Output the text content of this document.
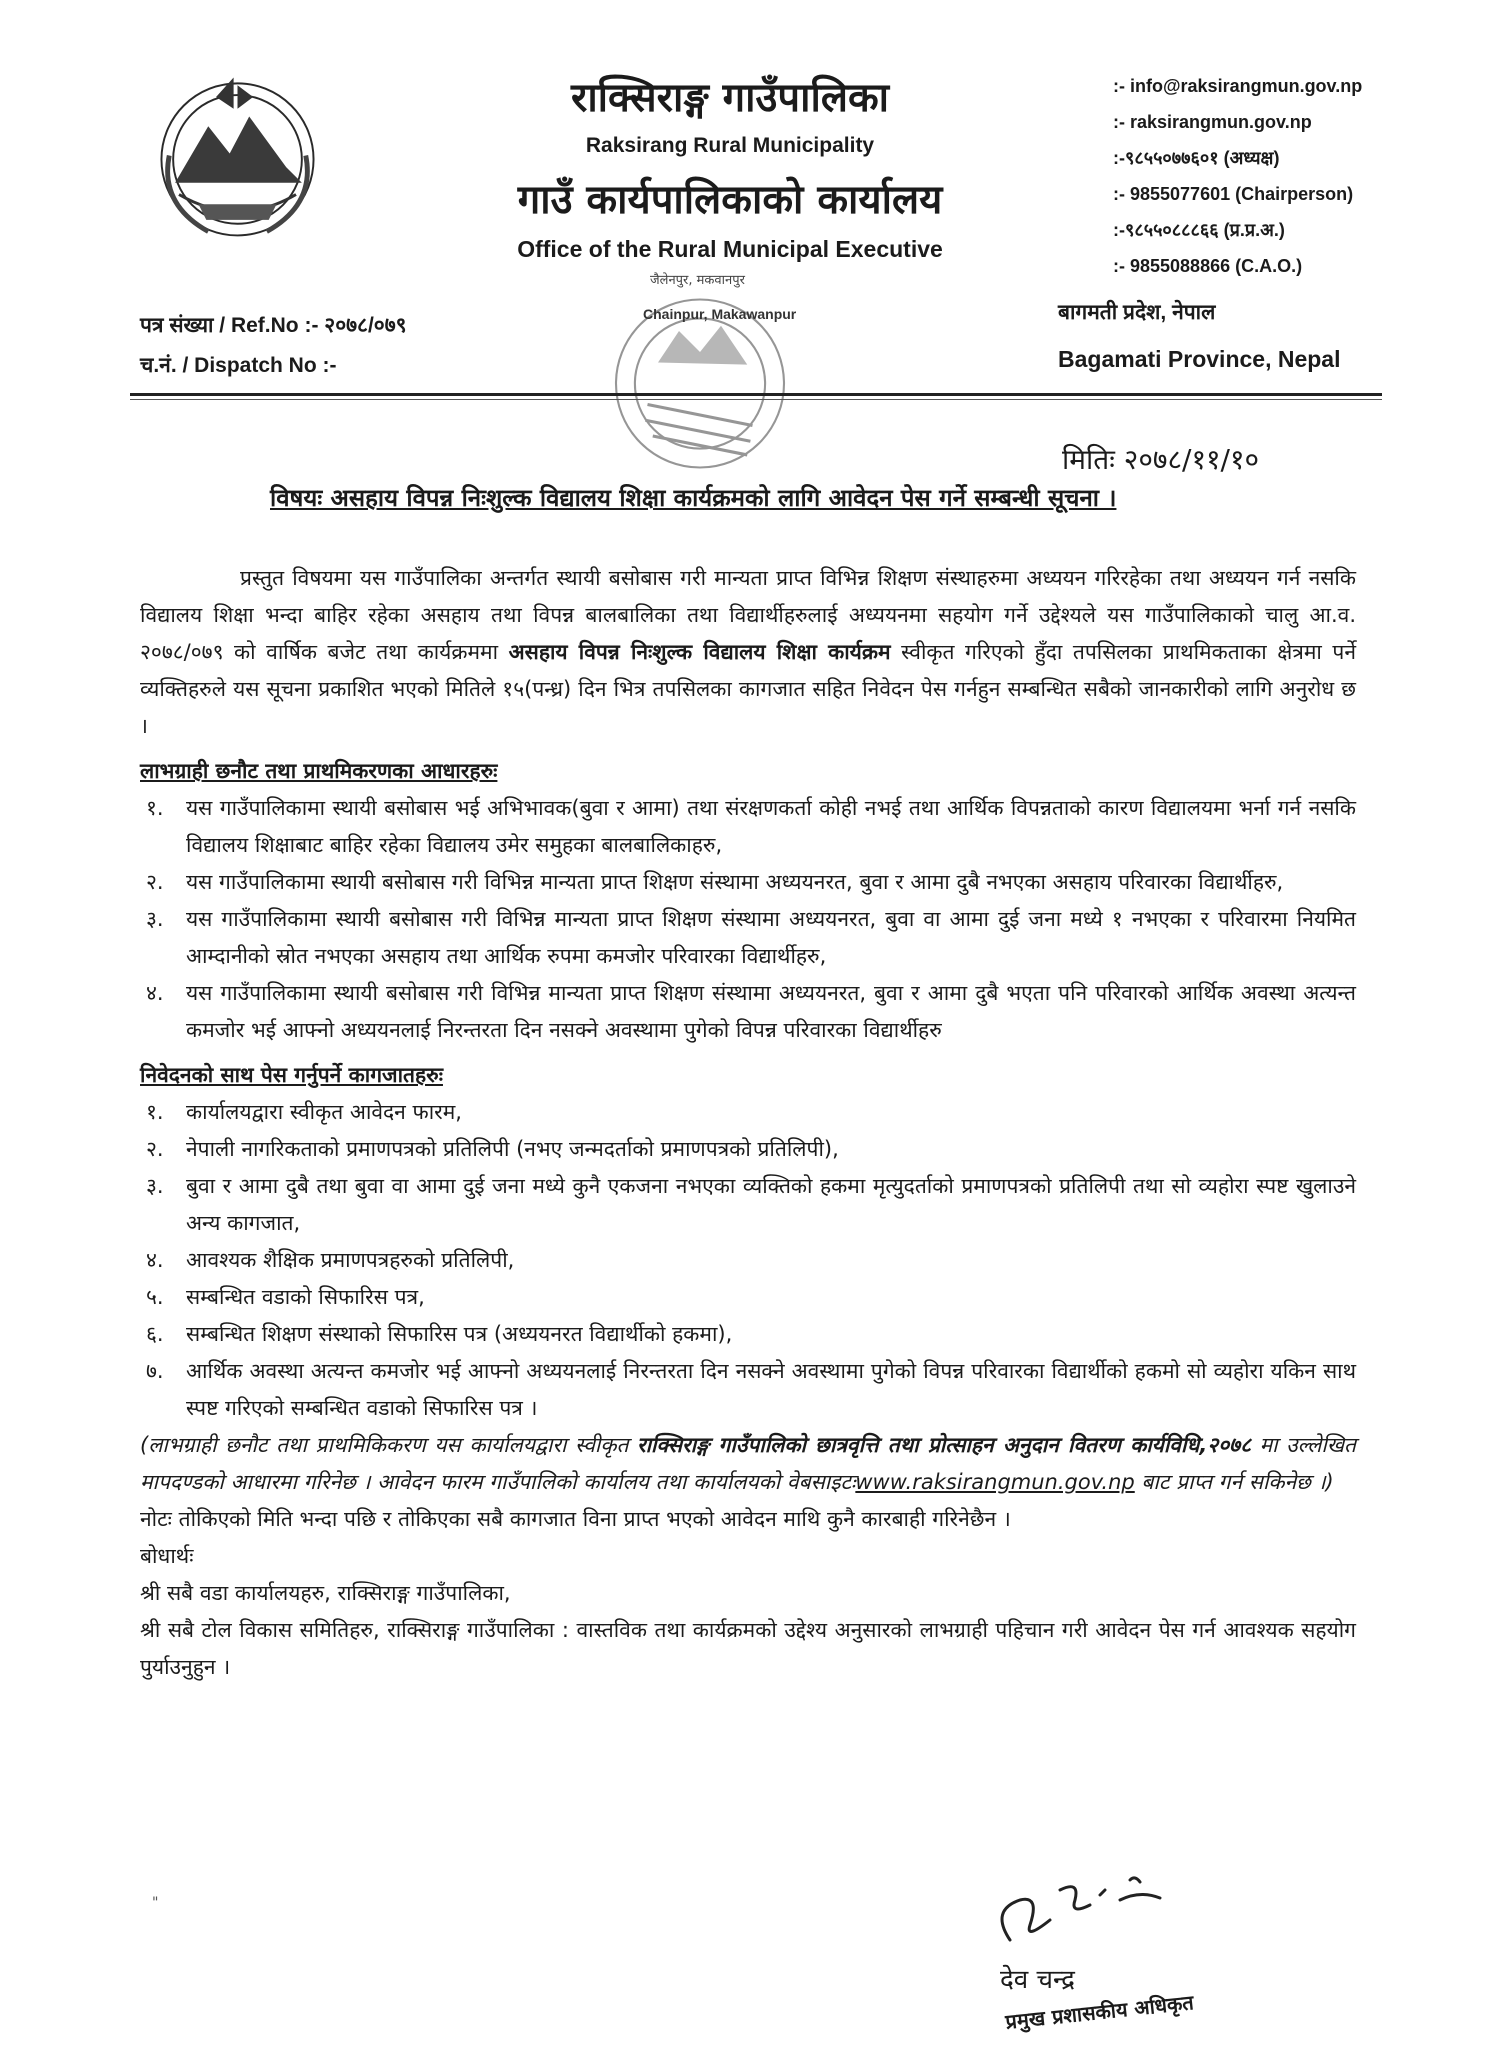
राक्सिराङ्ग गाउँपालिका
Raksirang Rural Municipality
गाउँ कार्यपालिकाको कार्यालय
Office of the Rural Municipal Executive
:- info@raksirangmun.gov.np
:- raksirangmun.gov.np
:-९८५५०७७६०१ (अध्यक्ष)
:- 9855077601 (Chairperson)
:-९८५५०८८८६६ (प्र.प्र.अ.)
:- 9855088866 (C.A.O.)
पत्र संख्या / Ref.No :- २०७८/०७९
च.नं. / Dispatch No :-
बागमती प्रदेश, नेपाल
Bagamati Province, Nepal
जैलेनपुर, मकवानपुर
Chainpur, Makawanpur
मितिः २०७८/११/१०
विषयः असहाय विपन्न निःशुल्क विद्यालय शिक्षा कार्यक्रमको लागि आवेदन पेस गर्ने सम्बन्धी सूचना ।

प्रस्तुत विषयमा यस गाउँपालिका अन्तर्गत स्थायी बसोबास गरी मान्यता प्राप्त विभिन्न शिक्षण संस्थाहरुमा अध्ययन गरिरहेका तथा अध्ययन गर्न नसकि विद्यालय शिक्षा भन्दा बाहिर रहेका असहाय तथा विपन्न बालबालिका तथा विद्यार्थीहरुलाई अध्ययनमा सहयोग गर्ने उद्देश्यले यस गाउँपालिकाको चालु आ.व. २०७८/०७९ को वार्षिक बजेट तथा कार्यक्रममा असहाय विपन्न निःशुल्क विद्यालय शिक्षा कार्यक्रम स्वीकृत गरिएको हुँदा तपसिलका प्राथमिकताका क्षेत्रमा पर्ने व्यक्तिहरुले यस सूचना प्रकाशित भएको मितिले १५(पन्ध्र) दिन भित्र तपसिलका कागजात सहित निवेदन पेस गर्नहुन सम्बन्धित सबैको जानकारीको लागि अनुरोध छ ।

लाभग्राही छनौट तथा प्राथमिकरणका आधारहरुः

१. यस गाउँपालिकामा स्थायी बसोबास भई अभिभावक(बुवा र आमा) तथा संरक्षणकर्ता कोही नभई तथा आर्थिक विपन्नताको कारण विद्यालयमा भर्ना गर्न नसकि विद्यालय शिक्षाबाट बाहिर रहेका विद्यालय उमेर समुहका बालबालिकाहरु,
२. यस गाउँपालिकामा स्थायी बसोबास गरी विभिन्न मान्यता प्राप्त शिक्षण संस्थामा अध्ययनरत, बुवा र आमा दुबै नभएका असहाय परिवारका विद्यार्थीहरु,
३. यस गाउँपालिकामा स्थायी बसोबास गरी विभिन्न मान्यता प्राप्त शिक्षण संस्थामा अध्ययनरत, बुवा वा आमा दुई जना मध्ये १ नभएका र परिवारमा नियमित आम्दानीको स्रोत नभएका असहाय तथा आर्थिक रुपमा कमजोर परिवारका विद्यार्थीहरु,
४. यस गाउँपालिकामा स्थायी बसोबास गरी विभिन्न मान्यता प्राप्त शिक्षण संस्थामा अध्ययनरत, बुवा र आमा दुबै भएता पनि परिवारको आर्थिक अवस्था अत्यन्त कमजोर भई आफ्नो अध्ययनलाई निरन्तरता दिन नसक्ने अवस्थामा पुगेको विपन्न परिवारका विद्यार्थीहरु

निवेदनको साथ पेस गर्नुपर्ने कागजातहरुः

१. कार्यालयद्वारा स्वीकृत आवेदन फारम,
२. नेपाली नागरिकताको प्रमाणपत्रको प्रतिलिपी (नभए जन्मदर्ताको प्रमाणपत्रको प्रतिलिपी),
३. बुवा र आमा दुबै तथा बुवा वा आमा दुई जना मध्ये कुनै एकजना नभएका व्यक्तिको हकमा मृत्युदर्ताको प्रमाणपत्रको प्रतिलिपी तथा सो व्यहोरा स्पष्ट खुलाउने अन्य कागजात,
४. आवश्यक शैक्षिक प्रमाणपत्रहरुको प्रतिलिपी,
५. सम्बन्धित वडाको सिफारिस पत्र,
६. सम्बन्धित शिक्षण संस्थाको सिफारिस पत्र (अध्ययनरत विद्यार्थीको हकमा),
७. आर्थिक अवस्था अत्यन्त कमजोर भई आफ्नो अध्ययनलाई निरन्तरता दिन नसक्ने अवस्थामा पुगेको विपन्न परिवारका विद्यार्थीको हकमो सो व्यहोरा यकिन साथ स्पष्ट गरिएको सम्बन्धित वडाको सिफारिस पत्र ।

(लाभग्राही छनौट तथा प्राथमिकिकरण यस कार्यालयद्वारा स्वीकृत राक्सिराङ्ग गाउँपालिको छात्रवृत्ति तथा प्रोत्साहन अनुदान वितरण कार्यविधि,२०७८ मा उल्लेखित मापदण्डको आधारमा गरिनेछ । आवेदन फारम गाउँपालिको कार्यालय तथा कार्यालयको वेबसाइटःwww.raksirangmun.gov.np बाट प्राप्त गर्न सकिनेछ ।)

नोटः तोकिएको मिति भन्दा पछि र तोकिएका सबै कागजात विना प्राप्त भएको आवेदन माथि कुनै कारबाही गरिनेछैन ।

बोधार्थः

श्री सबै वडा कार्यालयहरु, राक्सिराङ्ग गाउँपालिका,

श्री सबै टोल विकास समितिहरु, राक्सिराङ्ग गाउँपालिका : वास्तविक तथा कार्यक्रमको उद्देश्य अनुसारको लाभग्राही पहिचान गरी आवेदन पेस गर्न आवश्यक सहयोग पुर्याउनुहुन ।

"
देव चन्द्र
प्रमुख प्रशासकीय अधिकृत
